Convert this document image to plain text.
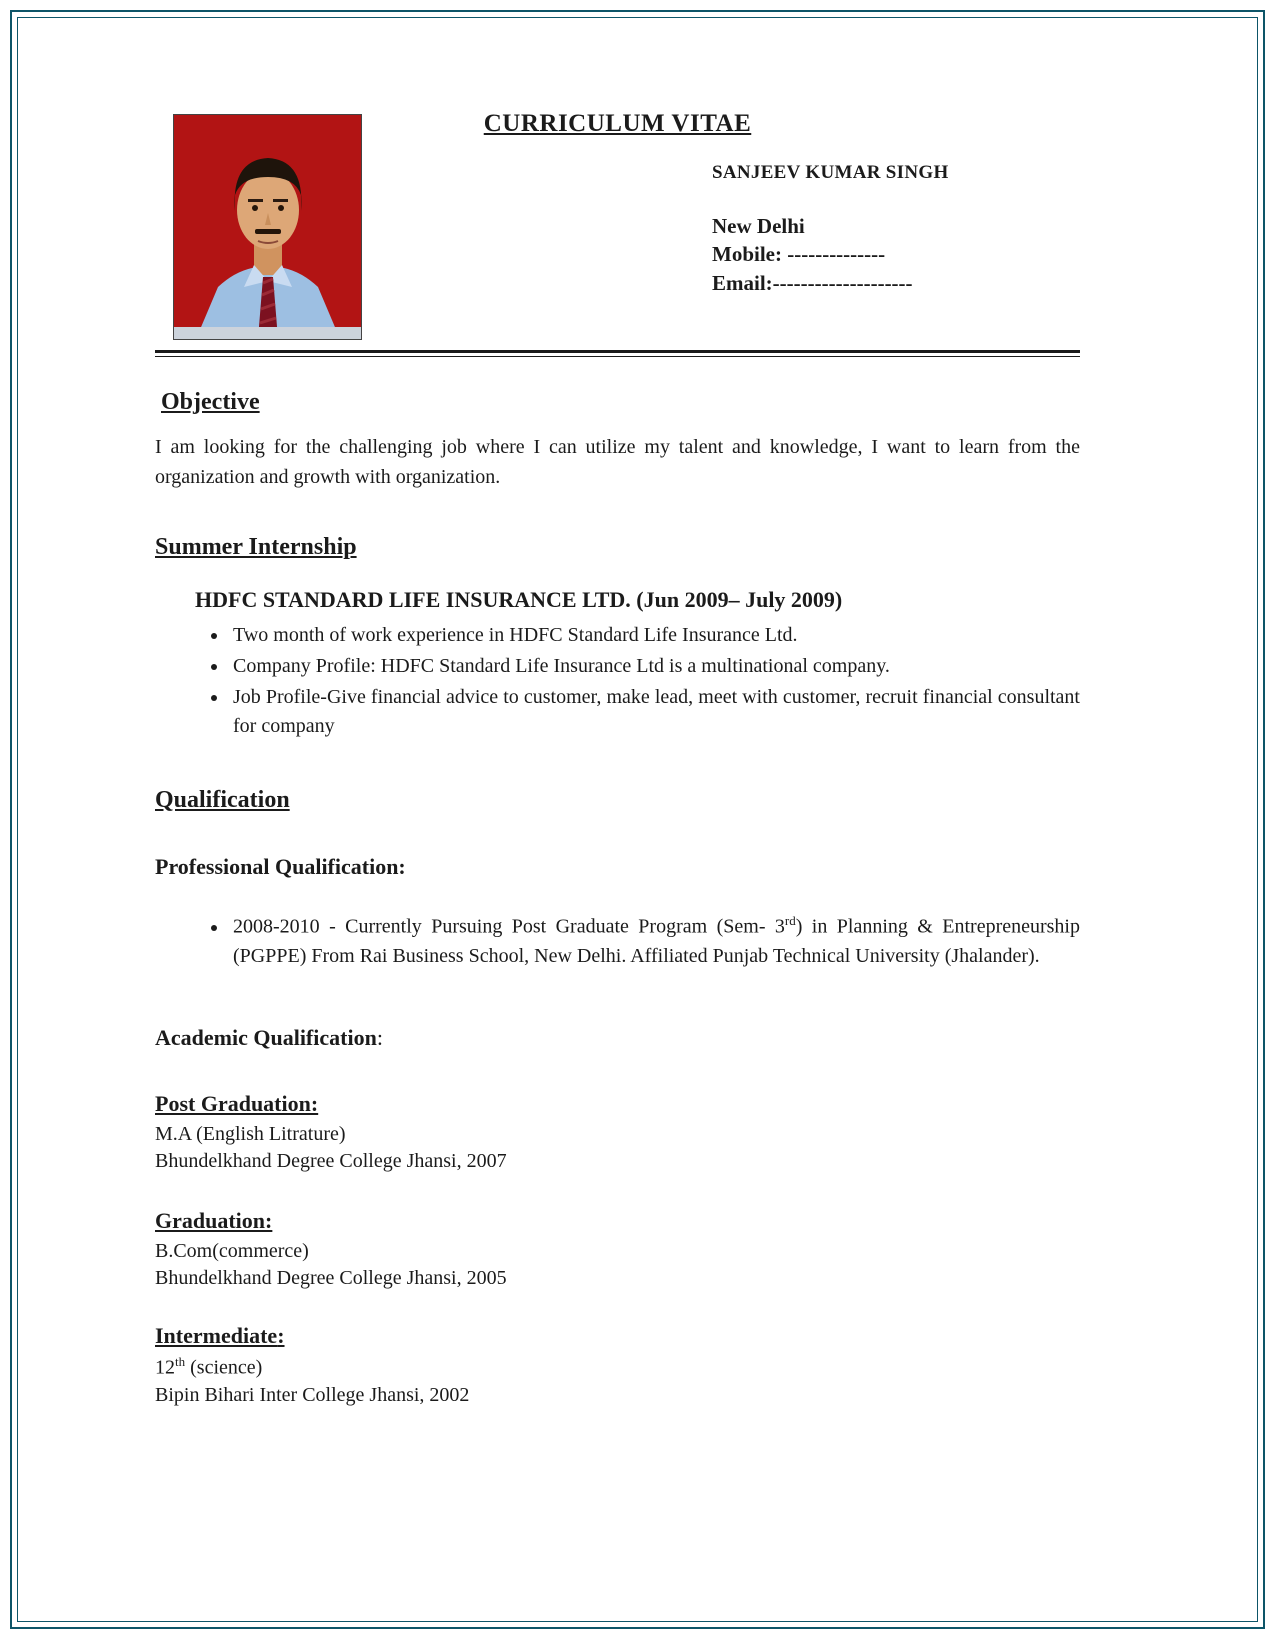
CURRICULUM VITAE
SANJEEV KUMAR SINGH
New Delhi
Mobile: --------------
Email:--------------------
Objective

I am looking for the challenging job where I can utilize my talent and knowledge, I want to learn from the organization and growth with organization.

Summer Internship
HDFC STANDARD LIFE INSURANCE LTD. (Jun 2009– July 2009)
• Two month of work experience in HDFC Standard Life Insurance Ltd.
• Company Profile: HDFC Standard Life Insurance Ltd is a multinational company.
• Job Profile-Give financial advice to customer, make lead, meet with customer, recruit financial consultant for company
Qualification
Professional Qualification:
• 2008-2010 - Currently Pursuing Post Graduate Program (Sem- 3rd) in Planning & Entrepreneurship (PGPPE) From Rai Business School, New Delhi. Affiliated Punjab Technical University (Jhalander).
Academic Qualification:
Post Graduation:

M.A (English Litrature)

Bhundelkhand Degree College Jhansi, 2007

Graduation:

B.Com(commerce)

Bhundelkhand Degree College Jhansi, 2005

Intermediate:

12th (science)

Bipin Bihari Inter College Jhansi, 2002
